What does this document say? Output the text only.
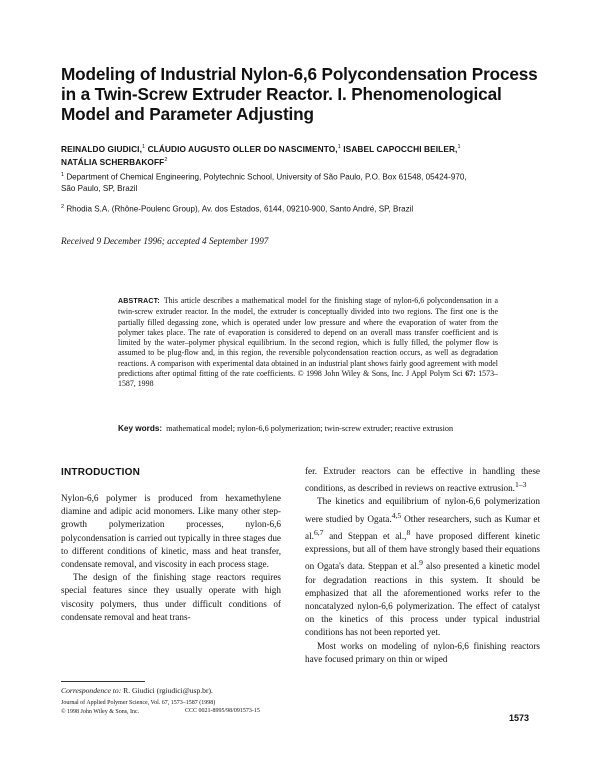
Modeling of Industrial Nylon-6,6 Polycondensation Process
in a Twin-Screw Extruder Reactor. I. Phenomenological
Model and Parameter Adjusting
REINALDO GIUDICI,$^1$ CLÁUDIO AUGUSTO OLLER DO NASCIMENTO,$^1$ ISABEL CAPOCCHI BEILER,$^1$
NATÁLIA SCHERBAKOFF$^2$
$^1$ Department of Chemical Engineering, Polytechnic School, University of São Paulo, P.O. Box 61548, 05424-970,
São Paulo, SP, Brazil
$^2$ Rhodia S.A. (Rhône-Poulenc Group), Av. dos Estados, 6144, 09210-900, Santo André, SP, Brazil
Received 9 December 1996; accepted 4 September 1997
ABSTRACT: This article describes a mathematical model for the finishing stage of nylon-6,6 polycondensation in a twin-screw extruder reactor. In the model, the extruder is conceptually divided into two regions. The first one is the partially filled degassing zone, which is operated under low pressure and where the evaporation of water from the polymer takes place. The rate of evaporation is considered to depend on an overall mass transfer coefficient and is limited by the water–polymer physical equilibrium. In the second region, which is fully filled, the polymer flow is assumed to be plug-flow and, in this region, the reversible polycondensation reaction occurs, as well as degradation reactions. A comparison with experimental data obtained in an industrial plant shows fairly good agreement with model predictions after optimal fitting of the rate coefficients. © 1998 John Wiley & Sons, Inc. J Appl Polym Sci 67: 1573–1587, 1998
Key words: mathematical model; nylon-6,6 polymerization; twin-screw extruder; reactive extrusion
INTRODUCTION

Nylon-6,6 polymer is produced from hexamethylene diamine and adipic acid monomers. Like many other step-growth polymerization processes, nylon-6,6 polycondensation is carried out typically in three stages due to different conditions of kinetic, mass and heat transfer, condensate removal, and viscosity in each process stage.

The design of the finishing stage reactors requires special features since they usually operate with high viscosity polymers, thus under difficult conditions of condensate removal and heat trans-

fer. Extruder reactors can be effective in handling these conditions, as described in reviews on reactive extrusion.$^{1-3}$

The kinetics and equilibrium of nylon-6,6 polymerization were studied by Ogata.$^{4,5}$ Other researchers, such as Kumar et al.$^{6,7}$ and Steppan et al.,$^8$ have proposed different kinetic expressions, but all of them have strongly based their equations on Ogata's data. Steppan et al.$^9$ also presented a kinetic model for degradation reactions in this system. It should be emphasized that all the aforementioned works refer to the noncatalyzed nylon-6,6 polymerization. The effect of catalyst on the kinetics of this process under typical industrial conditions has not been reported yet.

Most works on modeling of nylon-6,6 finishing reactors have focused primary on thin or wiped

Correspondence to: R. Giudici (rgiudici@usp.br).
Journal of Applied Polymer Science, Vol. 67, 1573–1587 (1998)
© 1998 John Wiley & Sons, Inc.	CCC 0021-8995/98/091573-15
1573
